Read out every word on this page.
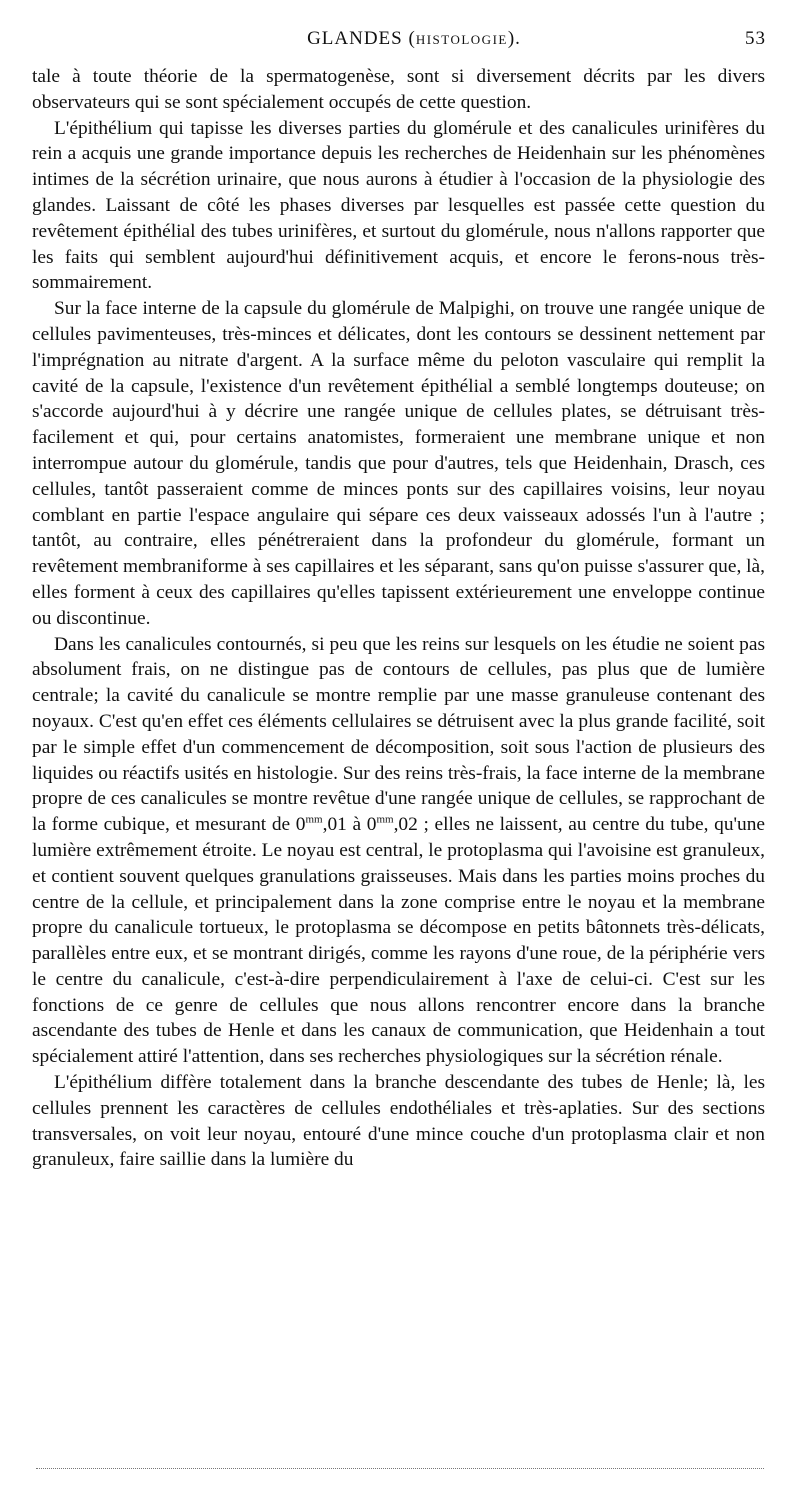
GLANDES (HISTOLOGIE).	53

tale à toute théorie de la spermatogenèse, sont si diversement décrits par les divers observateurs qui se sont spécialement occupés de cette question.

L'épithélium qui tapisse les diverses parties du glomérule et des canalicules urinifères du rein a acquis une grande importance depuis les recherches de Heidenhain sur les phénomènes intimes de la sécrétion urinaire, que nous aurons à étudier à l'occasion de la physiologie des glandes. Laissant de côté les phases diverses par lesquelles est passée cette question du revêtement épithélial des tubes urinifères, et surtout du glomérule, nous n'allons rapporter que les faits qui semblent aujourd'hui définitivement acquis, et encore le ferons-nous très-sommairement.

Sur la face interne de la capsule du glomérule de Malpighi, on trouve une rangée unique de cellules pavimenteuses, très-minces et délicates, dont les contours se dessinent nettement par l'imprégnation au nitrate d'argent. A la surface même du peloton vasculaire qui remplit la cavité de la capsule, l'existence d'un revêtement épithélial a semblé longtemps douteuse; on s'accorde aujourd'hui à y décrire une rangée unique de cellules plates, se détruisant très-facilement et qui, pour certains anatomistes, formeraient une membrane unique et non interrompue autour du glomérule, tandis que pour d'autres, tels que Heidenhain, Drasch, ces cellules, tantôt passeraient comme de minces ponts sur des capillaires voisins, leur noyau comblant en partie l'espace angulaire qui sépare ces deux vaisseaux adossés l'un à l'autre ; tantôt, au contraire, elles pénétreraient dans la profondeur du glomérule, formant un revêtement membraniforme à ses capillaires et les séparant, sans qu'on puisse s'assurer que, là, elles forment à ceux des capillaires qu'elles tapissent extérieurement une enveloppe continue ou discontinue.

Dans les canalicules contournés, si peu que les reins sur lesquels on les étudie ne soient pas absolument frais, on ne distingue pas de contours de cellules, pas plus que de lumière centrale; la cavité du canalicule se montre remplie par une masse granuleuse contenant des noyaux. C'est qu'en effet ces éléments cellulaires se détruisent avec la plus grande facilité, soit par le simple effet d'un commencement de décomposition, soit sous l'action de plusieurs des liquides ou réactifs usités en histologie. Sur des reins très-frais, la face interne de la membrane propre de ces canalicules se montre revêtue d'une rangée unique de cellules, se rapprochant de la forme cubique, et mesurant de $0^{mm},01$ à $0^{mm},02$ ; elles ne laissent, au centre du tube, qu'une lumière extrêmement étroite. Le noyau est central, le protoplasma qui l'avoisine est granuleux, et contient souvent quelques granulations graisseuses. Mais dans les parties moins proches du centre de la cellule, et principalement dans la zone comprise entre le noyau et la membrane propre du canalicule tortueux, le protoplasma se décompose en petits bâtonnets très-délicats, parallèles entre eux, et se montrant dirigés, comme les rayons d'une roue, de la périphérie vers le centre du canalicule, c'est-à-dire perpendiculairement à l'axe de celui-ci. C'est sur les fonctions de ce genre de cellules que nous allons rencontrer encore dans la branche ascendante des tubes de Henle et dans les canaux de communication, que Heidenhain a tout spécialement attiré l'attention, dans ses recherches physiologiques sur la sécrétion rénale.

L'épithélium diffère totalement dans la branche descendante des tubes de Henle; là, les cellules prennent les caractères de cellules endothéliales et très-aplaties. Sur des sections transversales, on voit leur noyau, entouré d'une mince couche d'un protoplasma clair et non granuleux, faire saillie dans la lumière du
